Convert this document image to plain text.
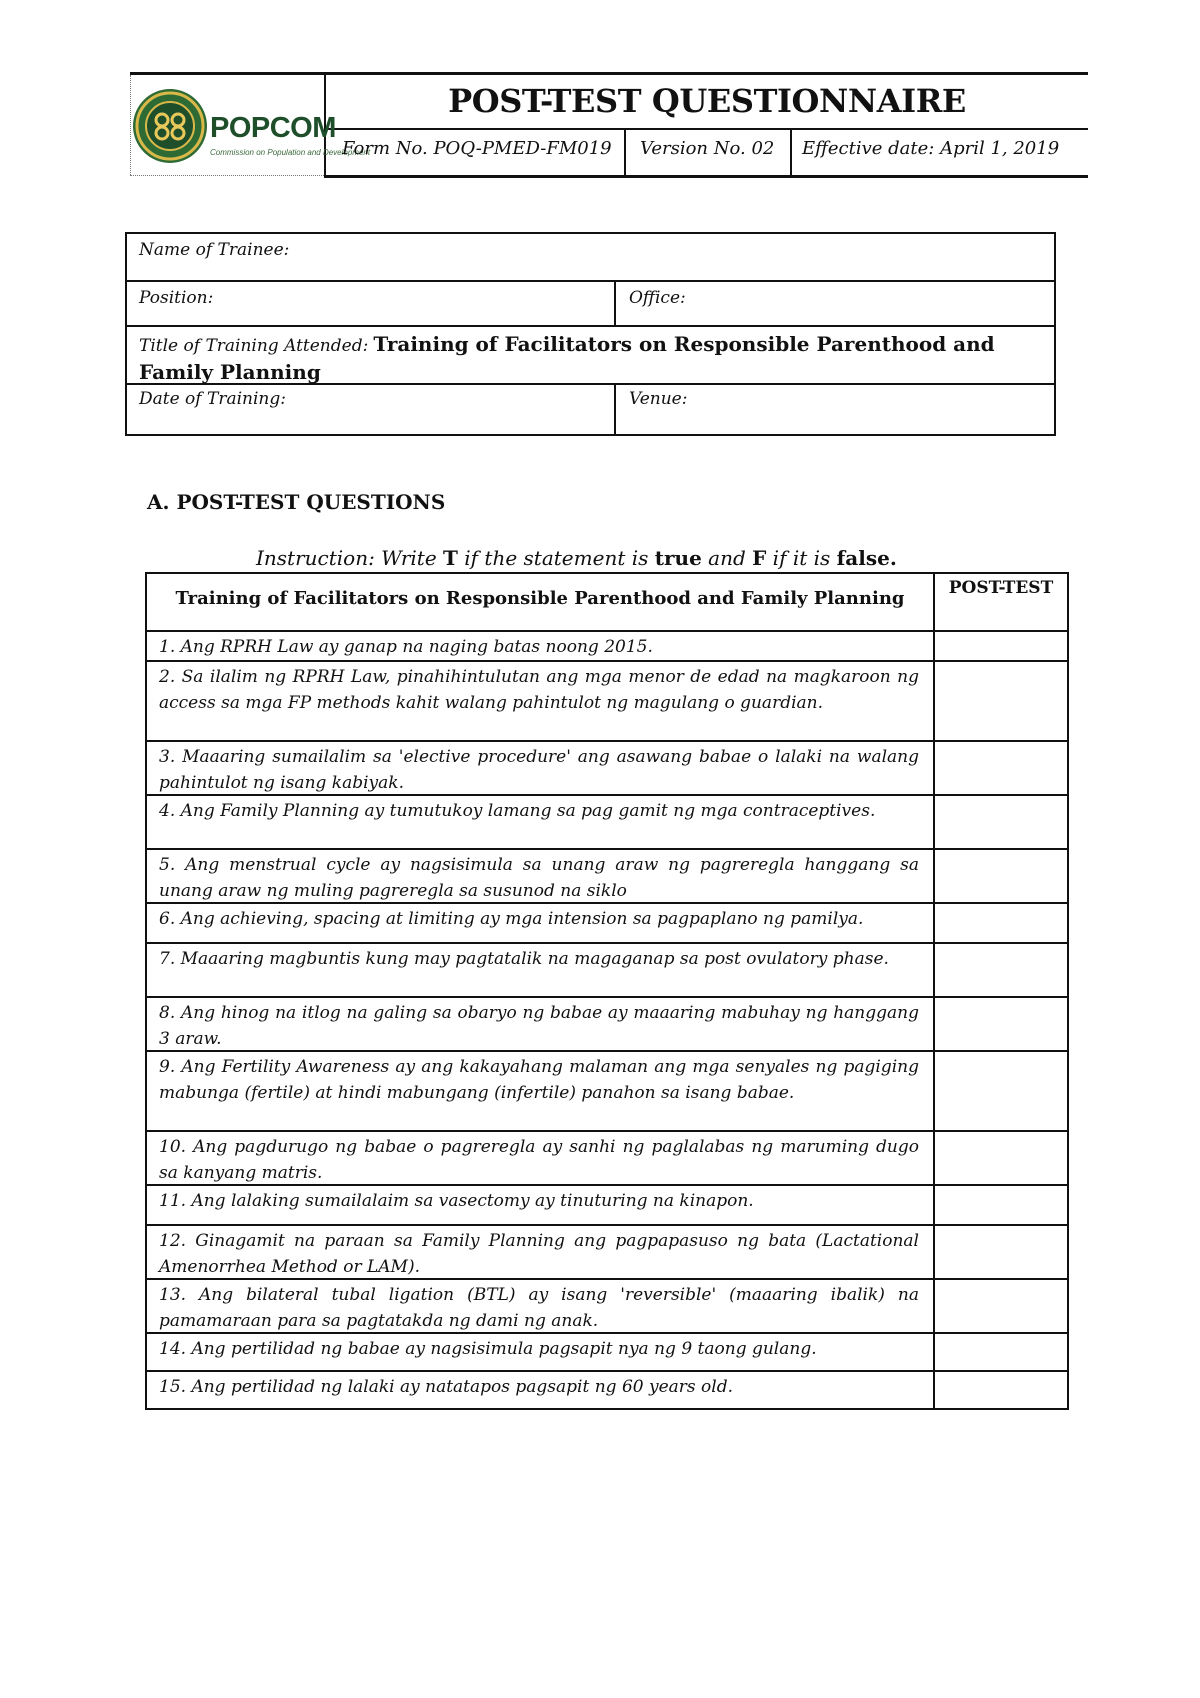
POPCOM
Commission on Population and Development
POST-TEST QUESTIONNAIRE
Form No. POQ-PMED-FM019 Version No. 02 Effective date: April 1, 2019
Name of Trainee:
Position:	Office:
Title of Training Attended: Training of Facilitators on Responsible Parenthood and Family Planning
Date of Training:	Venue:
A. POST-TEST QUESTIONS
Instruction: Write T if the statement is true and F if it is false.
Training of Facilitators on Responsible Parenthood and Family Planning	POST-TEST
1. Ang RPRH Law ay ganap na naging batas noong 2015.
2. Sa ilalim ng RPRH Law, pinahihintulutan ang mga menor de edad na magkaroon ng access sa mga FP methods kahit walang pahintulot ng magulang o guardian.
3. Maaaring sumailalim sa 'elective procedure' ang asawang babae o lalaki na walang pahintulot ng isang kabiyak.
4. Ang Family Planning ay tumutukoy lamang sa pag gamit ng mga contraceptives.
5. Ang menstrual cycle ay nagsisimula sa unang araw ng pagreregla hanggang sa unang araw ng muling pagreregla sa susunod na siklo
6. Ang achieving, spacing at limiting ay mga intension sa pagpaplano ng pamilya.
7. Maaaring magbuntis kung may pagtatalik na magaganap sa post ovulatory phase.
8. Ang hinog na itlog na galing sa obaryo ng babae ay maaaring mabuhay ng hanggang 3 araw.
9. Ang Fertility Awareness ay ang kakayahang malaman ang mga senyales ng pagiging mabunga (fertile) at hindi mabungang (infertile) panahon sa isang babae.
10. Ang pagdurugo ng babae o pagreregla ay sanhi ng paglalabas ng maruming dugo sa kanyang matris.
11. Ang lalaking sumailalaim sa vasectomy ay tinuturing na kinapon.
12. Ginagamit na paraan sa Family Planning ang pagpapasuso ng bata (Lactational Amenorrhea Method or LAM).
13. Ang bilateral tubal ligation (BTL) ay isang 'reversible' (maaaring ibalik) na pamamaraan para sa pagtatakda ng dami ng anak.
14. Ang pertilidad ng babae ay nagsisimula pagsapit nya ng 9 taong gulang.
15. Ang pertilidad ng lalaki ay natatapos pagsapit ng 60 years old.
